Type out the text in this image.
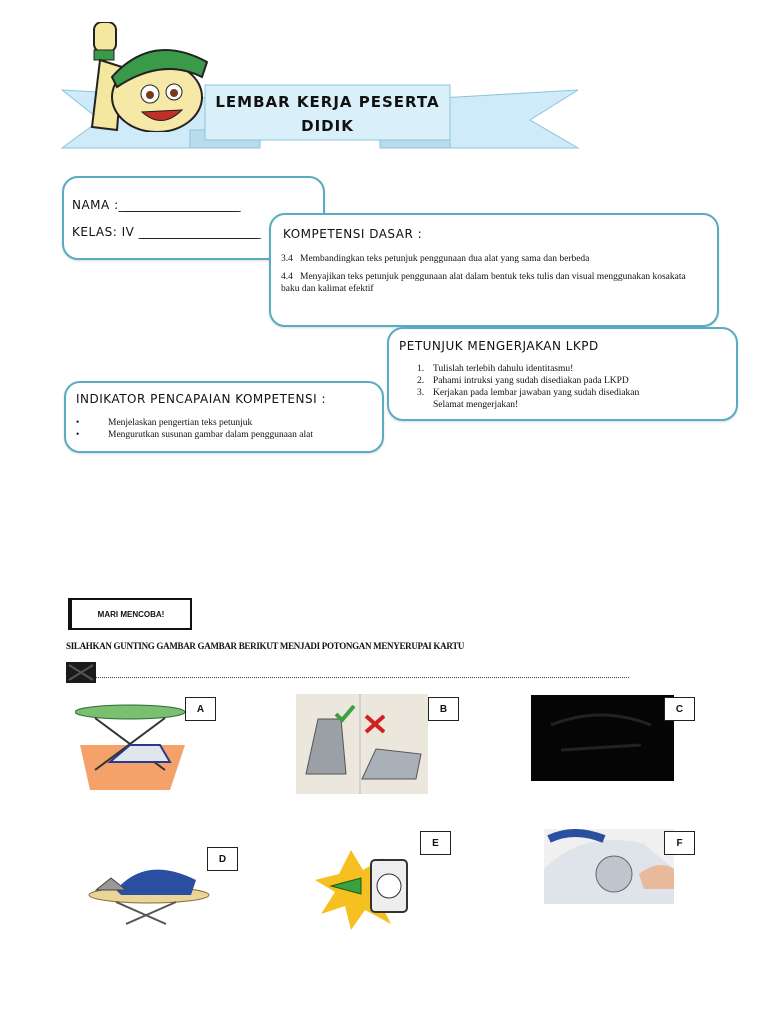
LEMBAR KERJA PESERTA
DIDIK
NAMA :______________________________
KELAS: IV ______________________________ KOMPETENSI DASAR :
3.4 Membandingkan teks petunjuk penggunaan dua alat yang sama dan berbeda
4.4 Menyajikan teks petunjuk penggunaan alat dalam bentuk teks tulis dan visual menggunakan kosakata baku dan kalimat efektif
PETUNJUK MENGERJAKAN LKPD
1. Tulislah terlebih dahulu identitasmu!
2. Pahami intruksi yang sudah disediakan pada LKPD
3. Kerjakan pada lembar jawaban yang sudah disediakan
Selamat mengerjakan!
INDIKATOR PENCAPAIAN KOMPETENSI :
•	Menjelaskan pengertian teks petunjuk
•	Mengurutkan susunan gambar dalam penggunaan alat
MARI MENCOBA!
SILAHKAN GUNTING GAMBAR GAMBAR BERIKUT MENJADI POTONGAN MENYERUPAI KARTU
A	B	C
D
E	F
